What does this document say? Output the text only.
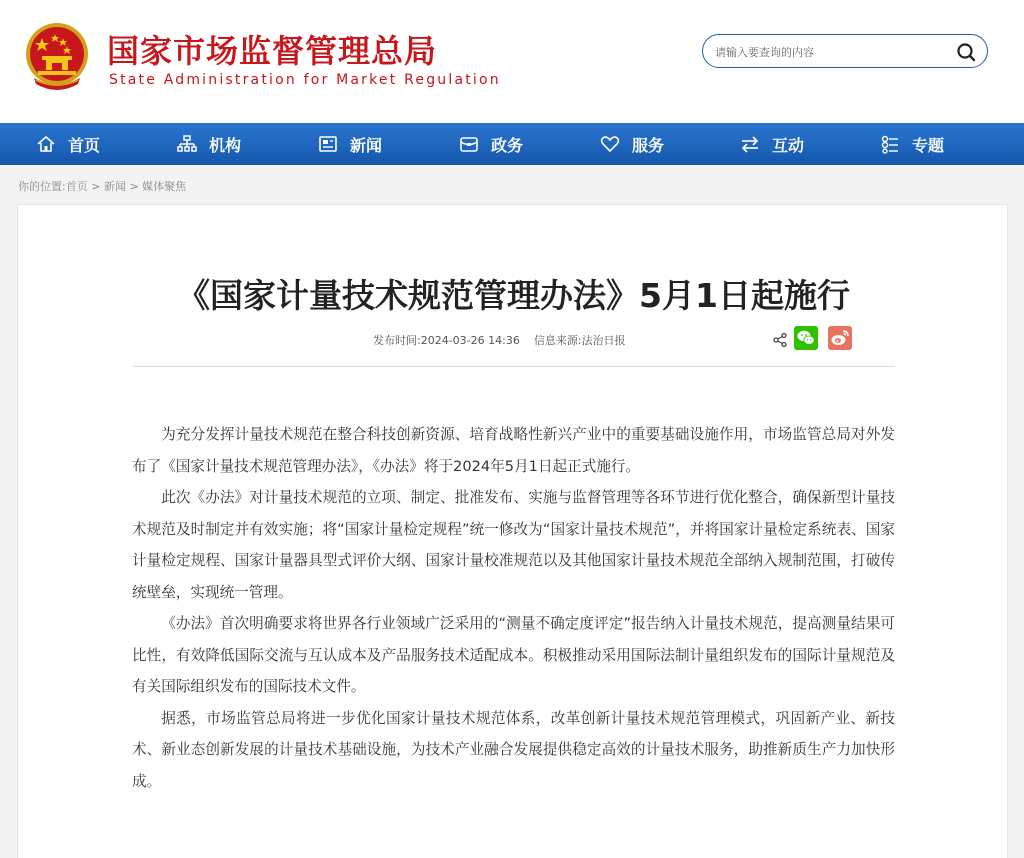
国家市场监督管理总局
State Administration for Market Regulation
请输入要查询的内容
首页	机构	新闻	政务	服务	互动	专题
你的位置:首页 > 新闻 > 媒体聚焦
《国家计量技术规范管理办法》5月1日起施行
发布时间:2024-03-26 14:36 信息来源:法治日报

为充分发挥计量技术规范在整合科技创新资源、培育战略性新兴产业中的重要基础设施作用，市场监管总局对外发布了《国家计量技术规范管理办法》，《办法》将于2024年5月1日起正式施行。

此次《办法》对计量技术规范的立项、制定、批准发布、实施与监督管理等各环节进行优化整合，确保新型计量技术规范及时制定并有效实施；将“国家计量检定规程”统一修改为“国家计量技术规范”，并将国家计量检定系统表、国家计量检定规程、国家计量器具型式评价大纲、国家计量校准规范以及其他国家计量技术规范全部纳入规制范围，打破传统壁垒，实现统一管理。

《办法》首次明确要求将世界各行业领域广泛采用的“测量不确定度评定”报告纳入计量技术规范，提高测量结果可比性，有效降低国际交流与互认成本及产品服务技术适配成本。积极推动采用国际法制计量组织发布的国际计量规范及有关国际组织发布的国际技术文件。

据悉，市场监管总局将进一步优化国家计量技术规范体系，改革创新计量技术规范管理模式，巩固新产业、新技术、新业态创新发展的计量技术基础设施，为技术产业融合发展提供稳定高效的计量技术服务，助推新质生产力加快形成。
